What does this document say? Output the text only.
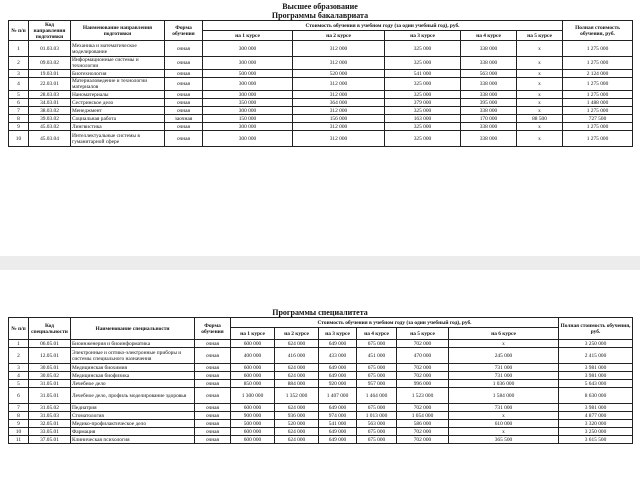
Высшее образование
Программы бакалавриата
№ п/п	Код направления подготовки	Наименование направления подготовки	Форма обучения	Стоимость обучения в учебном году (за один учебный год), руб.					Полная стоимость обучения, руб.
				на 1 курсе	на 2 курсе	на 3 курсе	на 4 курсе	на 5 курсе	
1	01.03.03	Механика и математическое моделирование	очная	300 000	312 000	325 000	338 000	х	1 275 000
2	09.03.02	Информационные системы и технологии	очная	300 000	312 000	325 000	338 000	х	1 275 000
3	19.03.01	Биотехнология	очная	500 000	520 000	541 000	563 000	х	2 124 000
4	22.03.01	Материаловедение и технологии материалов	очная	300 000	312 000	325 000	338 000	х	1 275 000
5	28.03.03	Наноматериалы	очная	300 000	312 000	325 000	338 000	х	1 275 000
6	34.03.01	Сестринское дело	очная	350 000	364 000	379 000	395 000	х	1 488 000
7	38.03.02	Менеджмент	очная	300 000	312 000	325 000	338 000	х	1 275 000
8	39.03.02	Социальная работа	заочная	150 000	156 000	163 000	170 000	88 500	727 500
9	45.03.02	Лингвистика	очная	300 000	312 000	325 000	338 000	х	1 275 000
10	45.03.04	Интеллектуальные системы в гуманитарной сфере	очная	300 000	312 000	325 000	338 000	х	1 275 000
Программы специалитета
№ п/п	Код специальности	Наименование специальности	Форма обучения	Стоимость обучения в учебном году (за один учебный год), руб.						Полная стоимость обучения, руб.
				на 1 курсе	на 2 курсе	на 3 курсе	на 4 курсе	на 5 курсе	на 6 курсе	
1	06.05.01	Биоинженерия и биоинформатика	очная	600 000	624 000	649 000	675 000	702 000	х	3 250 000
2	12.05.01	Электронные и оптико-электронные приборы и системы специального назначения	очная	400 000	416 000	433 000	451 000	470 000	245 000	2 415 000
3	30.05.01	Медицинская биохимия	очная	600 000	624 000	649 000	675 000	702 000	731 000	3 981 000
4	30.05.02	Медицинская биофизика	очная	600 000	624 000	649 000	675 000	702 000	731 000	3 981 000
5	31.05.01	Лечебное дело	очная	850 000	884 000	920 000	957 000	996 000	1 036 000	5 643 000
6	31.05.01	Лечебное дело, профиль моделирование здоровья	очная	1 300 000	1 352 000	1 407 000	1 464 000	1 523 000	1 584 000	8 630 000
7	31.05.02	Педиатрия	очная	600 000	624 000	649 000	675 000	702 000	731 000	3 981 000
8	31.05.03	Стоматология	очная	900 000	936 000	974 000	1 013 000	1 054 000	х	4 877 000
9	32.05.01	Медико-профилактическое дело	очная	500 000	520 000	541 000	563 000	586 000	610 000	3 320 000
10	33.05.01	Фармация	очная	600 000	624 000	649 000	675 000	702 000	х	3 250 000
11	37.05.01	Клиническая психология	очная	600 000	624 000	649 000	675 000	702 000	365 500	3 615 500
